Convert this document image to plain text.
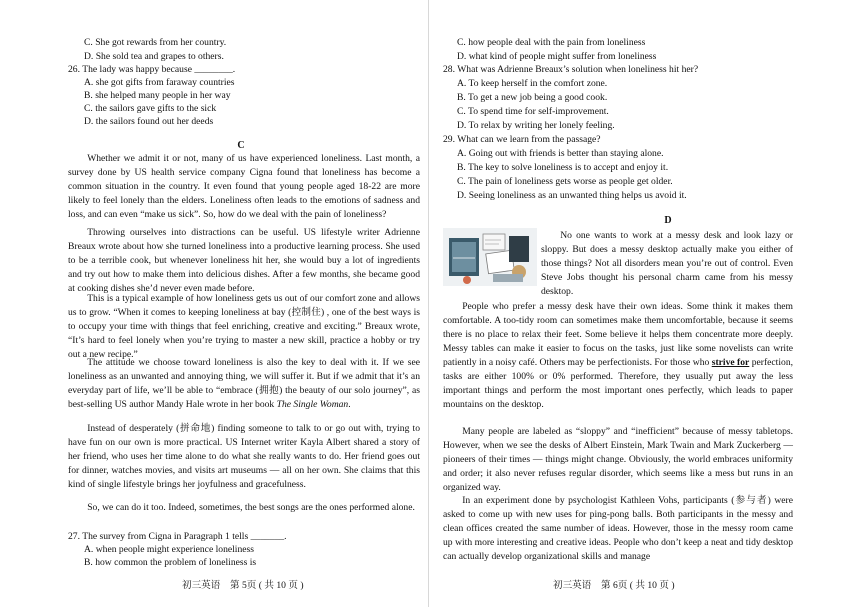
C. She got rewards from her country.
D. She sold tea and grapes to others.
26. The lady was happy because ________.
A. she got gifts from faraway countries
B. she helped many people in her way
C. the sailors gave gifts to the sick
D. the sailors found out her deeds
C

Whether we admit it or not, many of us have experienced loneliness. Last month, a survey done by US health service company Cigna found that loneliness has become a common situation in the country. It even found that young people aged 18-22 are more likely to feel lonely than the elders. Loneliness often leads to the emotions of sadness and loss, and can even “make us sick”. So, how do we deal with the pain of loneliness?

Throwing ourselves into distractions can be useful. US lifestyle writer Adrienne Breaux wrote about how she turned loneliness into a productive learning process. She used to be a terrible cook, but whenever loneliness hit her, she would buy a lot of ingredients and try out how to make them into delicious dishes. After a few months, she became good at cooking dishes she’d never even made before.

This is a typical example of how loneliness gets us out of our comfort zone and allows us to grow. “When it comes to keeping loneliness at bay (控制住) , one of the best ways is to occupy your time with things that feel enriching, creative and exciting.” Breaux wrote, “It’s hard to feel lonely when you’re trying to master a new skill, practice a hobby or try out a new recipe.”

The attitude we choose toward loneliness is also the key to deal with it. If we see loneliness as an unwanted and annoying thing, we will suffer it. But if we admit that it’s an everyday part of life, we’ll be able to “embrace (拥抱) the beauty of our solo journey”, as best-selling US author Mandy Hale wrote in her book The Single Woman.

Instead of desperately (拼命地) finding someone to talk to or go out with, trying to have fun on our own is more practical. US Internet writer Kayla Albert shared a story of her friend, who uses her time alone to do what she really wants to do. Her friend goes out for dinner, watches movies, and visits art museums — all on her own. She claims that this kind of single lifestyle brings her joyfulness and gracefulness.

So, we can do it too. Indeed, sometimes, the best songs are the ones performed alone.

27. The survey from Cigna in Paragraph 1 tells _______.
A. when people might experience loneliness
B. how common the problem of loneliness is
初三英语　第 5页 ( 共 10 页 )
C. how people deal with the pain from loneliness
D. what kind of people might suffer from loneliness
28. What was Adrienne Breaux’s solution when loneliness hit her?
A. To keep herself in the comfort zone.
B. To get a new job being a good cook.
C. To spend time for self-improvement.
D. To relax by writing her lonely feeling.
29. What can we learn from the passage?
A. Going out with friends is better than staying alone.
B. The key to solve loneliness is to accept and enjoy it.
C. The pain of loneliness gets worse as people get older.
D. Seeing loneliness as an unwanted thing helps us avoid it.
D

No one wants to work at a messy desk and look lazy or sloppy. But does a messy desktop actually make you either of those things? Not all disorders mean you’re out of control. Even Steve Jobs thought his personal charm came from his messy desktop.

People who prefer a messy desk have their own ideas. Some think it makes them comfortable. A too-tidy room can sometimes make them uncomfortable, because it seems there is no place to relax their feet. Some believe it helps them concentrate more deeply. Messy tables can make it easier to focus on the tasks, just like some novelists can write patiently in a noisy café. Others may be perfectionists. For those who strive for perfection, tasks are either 100% or 0% performed. Therefore, they usually put away the less important things and perform the most important ones perfectly, which leads to paper mountains on the desktop.

Many people are labeled as “sloppy” and “inefficient” because of messy tabletops. However, when we see the desks of Albert Einstein, Mark Twain and Mark Zuckerberg — pioneers of their times — things might change. Obviously, the world embraces uniformity and order; it also never refuses regular disorder, which seems like a mess but runs in an organized way.

In an experiment done by psychologist Kathleen Vohs, participants (参与者) were asked to come up with new uses for ping-pong balls. Both participants in the messy and clean offices created the same number of ideas. However, those in the messy room came up with more interesting and creative ideas. People who don’t keep a neat and tidy desktop can actually develop organizational skills and manage

初三英语　第 6页 ( 共 10 页 )
